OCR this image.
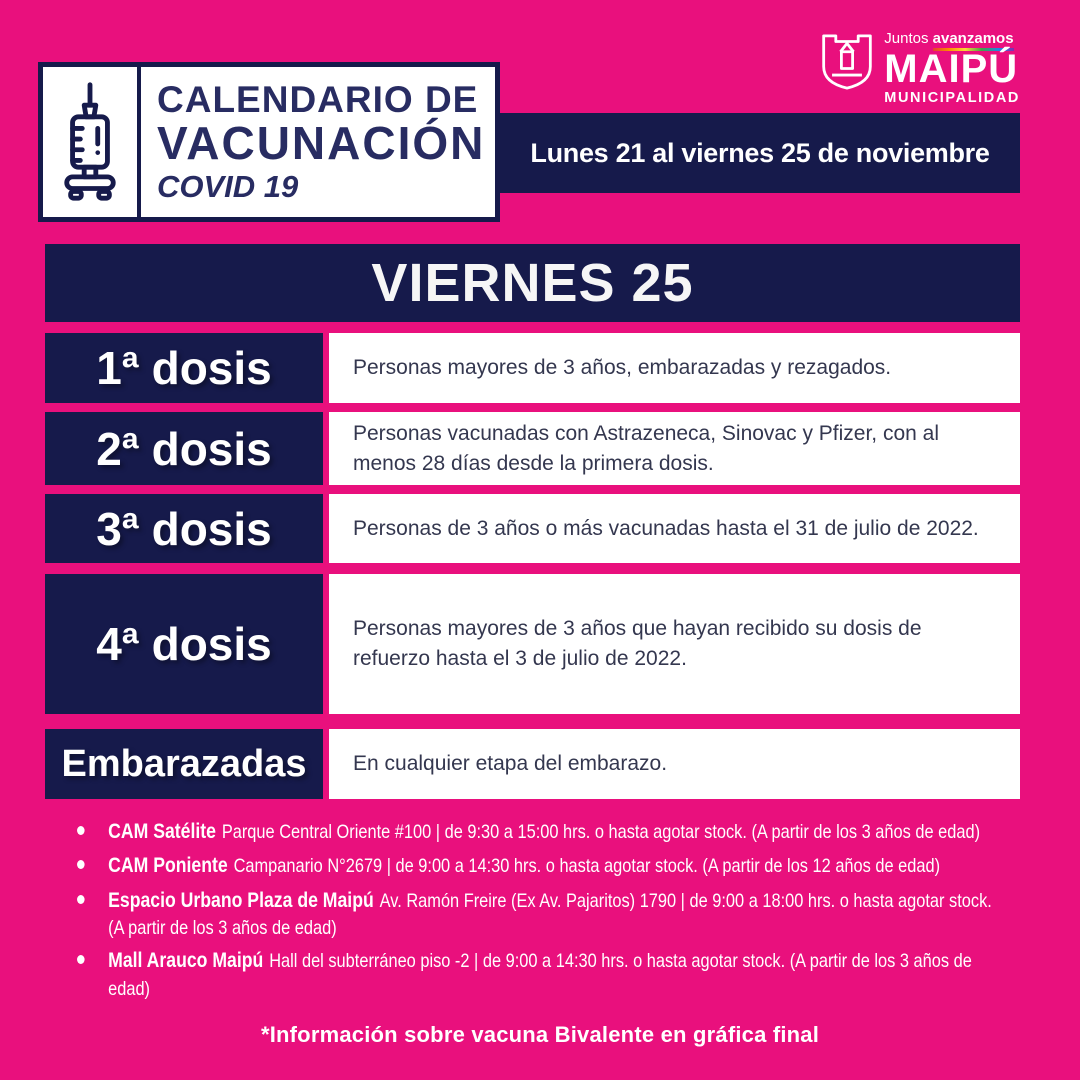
Lunes 21 al viernes 25 de noviembre
CALENDARIO DE
VACUNACIÓN
COVID 19
Juntos avanzamos
MAIPÚ
MUNICIPALIDAD
VIERNES 25
1ª dosis	Personas mayores de 3 años, embarazadas y rezagados.
2ª dosis	Personas vacunadas con Astrazeneca, Sinovac y Pfizer, con al menos 28 días desde la primera dosis.
3ª dosis	Personas de 3 años o más vacunadas hasta el 31 de julio de 2022.
4ª dosis	Personas mayores de 3 años que hayan recibido su dosis de refuerzo hasta el 3 de julio de 2022.
Embarazadas	En cualquier etapa del embarazo.
CAM Satélite Parque Central Oriente #100 | de 9:30 a 15:00 hrs. o hasta agotar stock. (A partir de los 3 años de edad)
CAM Poniente Campanario N°2679 | de 9:00 a 14:30 hrs. o hasta agotar stock. (A partir de los 12 años de edad)
Espacio Urbano Plaza de Maipú Av. Ramón Freire (Ex Av. Pajaritos) 1790 | de 9:00 a 18:00 hrs. o hasta agotar stock. (A partir de los 3 años de edad)
Mall Arauco Maipú Hall del subterráneo piso -2 | de 9:00 a 14:30 hrs. o hasta agotar stock. (A partir de los 3 años de edad)
*Información sobre vacuna Bivalente en gráfica final
